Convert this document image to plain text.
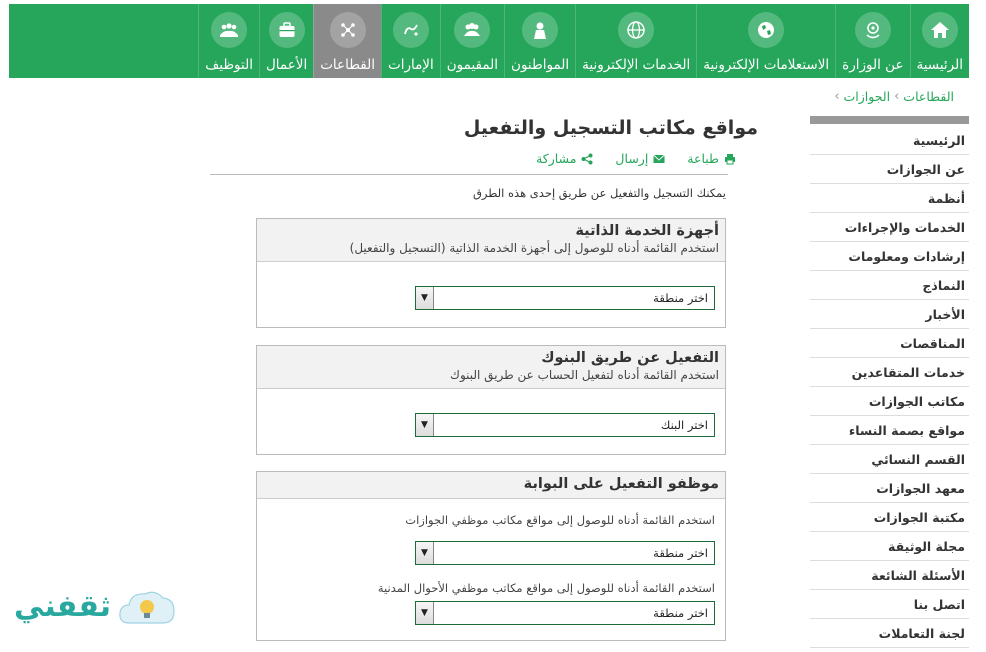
الرئيسية
عن الوزارة
الاستعلامات الإلكترونية
الخدمات الإلكترونية
المواطنون
المقيمون
الإمارات
القطاعات
الأعمال
التوظيف
القطاعات
›
الجوازات
›
الرئيسية
عن الجوازات
أنظمة
الخدمات والإجراءات
إرشادات ومعلومات
النماذج
الأخبار
المناقصات
خدمات المتقاعدين
مكاتب الجوازات
مواقع بصمة النساء
القسم النسائي
معهد الجوازات
مكتبة الجوازات
مجلة الوثيقة
الأسئلة الشائعة
اتصل بنا
لجنة التعاملات
مواقع مكاتب التسجيل والتفعيل
طباعة
إرسال
مشاركة

يمكنك التسجيل والتفعيل عن طريق إحدى هذه الطرق

أجهزة الخدمة الذاتية
استخدم القائمة أدناه للوصول إلى أجهزة الخدمة الذاتية (التسجيل والتفعيل)
اختر منطقة
▼
التفعيل عن طريق البنوك
استخدم القائمة أدناه لتفعيل الحساب عن طريق البنوك
اختر البنك
▼
موظفو التفعيل على البوابة

استخدم القائمة أدناه للوصول إلى مواقع مكاتب موظفي الجوازات

اختر منطقة
▼

استخدم القائمة أدناه للوصول إلى مواقع مكاتب موظفي الأحوال المدنية

اختر منطقة
▼
ثقفني
